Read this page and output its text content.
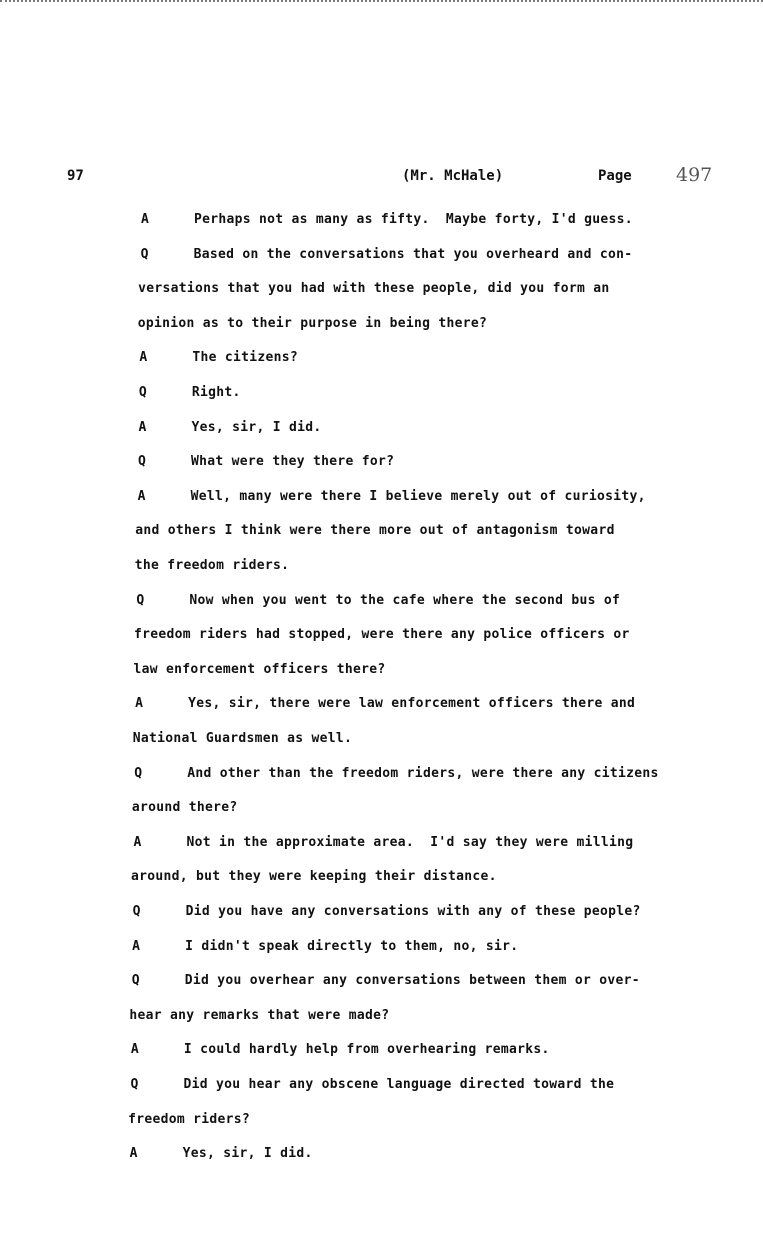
97	(Mr. McHale)	Page 497
A	Perhaps not as many as fifty.  Maybe forty, I'd guess.
Q	Based on the conversations that you overheard and con-
versations that you had with these people, did you form an
opinion as to their purpose in being there?
A	The citizens?
Q	Right.
A	Yes, sir, I did.
Q	What were they there for?
A	Well, many were there I believe merely out of curiosity,
and others I think were there more out of antagonism toward
the freedom riders.
Q	Now when you went to the cafe where the second bus of
freedom riders had stopped, were there any police officers or
law enforcement officers there?
A	Yes, sir, there were law enforcement officers there and
National Guardsmen as well.
Q	And other than the freedom riders, were there any citizens
around there?
A	Not in the approximate area.  I'd say they were milling
around, but they were keeping their distance.
Q	Did you have any conversations with any of these people?
A	I didn't speak directly to them, no, sir.
Q	Did you overhear any conversations between them or over-
hear any remarks that were made?
A	I could hardly help from overhearing remarks.
Q	Did you hear any obscene language directed toward the
freedom riders?
A	Yes, sir, I did.
